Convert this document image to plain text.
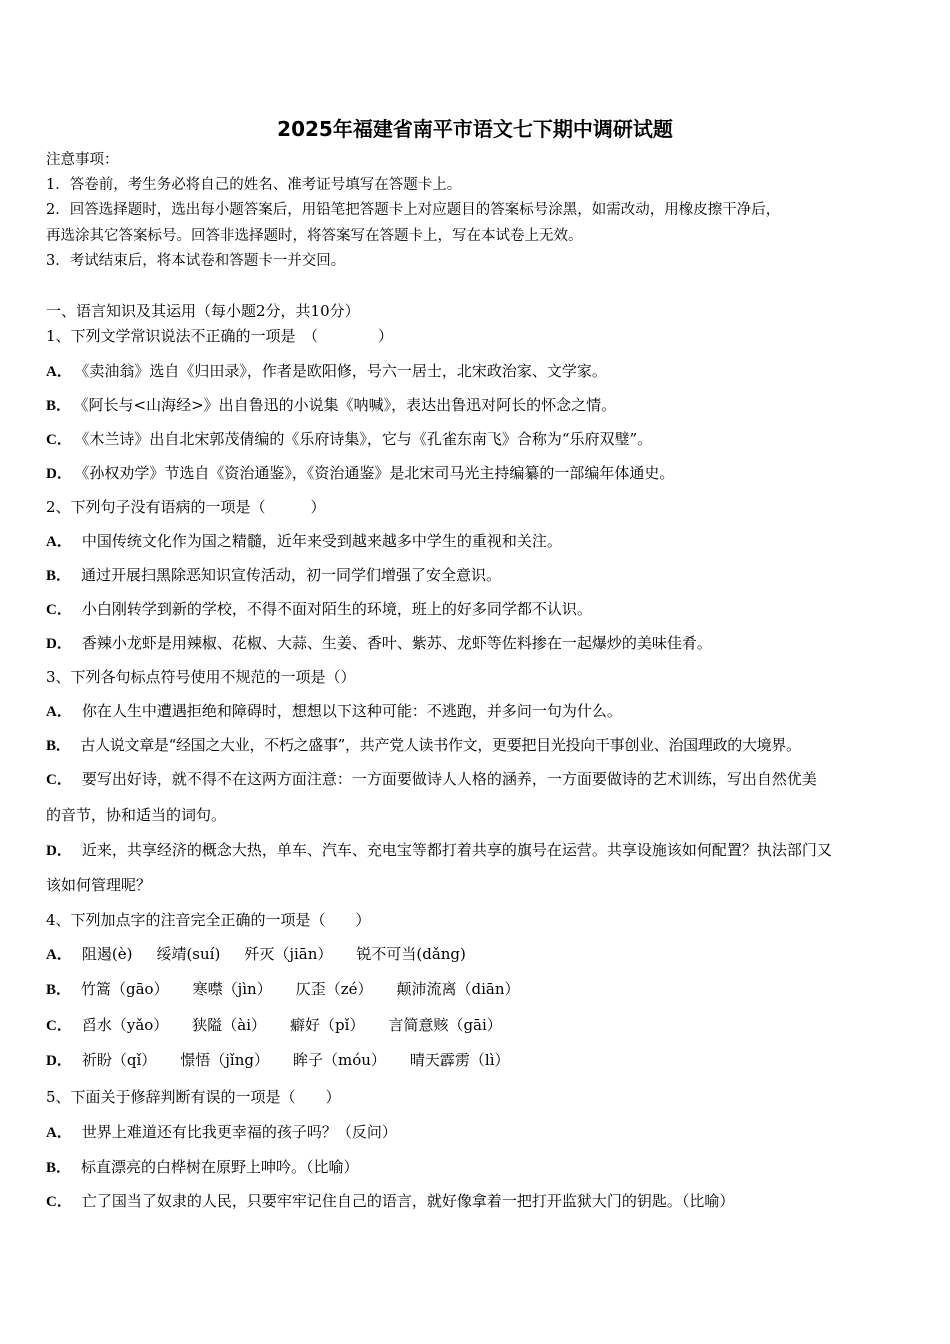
2025年福建省南平市语文七下期中调研试题
注意事项：
1．答卷前，考生务必将自己的姓名、准考证号填写在答题卡上。
2．回答选择题时，选出每小题答案后，用铅笔把答题卡上对应题目的答案标号涂黑，如需改动，用橡皮擦干净后，
再选涂其它答案标号。回答非选择题时，将答案写在答题卡上，写在本试卷上无效。
3．考试结束后，将本试卷和答题卡一并交回。
一、语言知识及其运用（每小题2分，共10分）
1、下列文学常识说法不正确的一项是　（　　　　）
A． 《卖油翁》选自《归田录》，作者是欧阳修，号六一居士，北宋政治家、文学家。
B． 《阿长与<山海经>》出自鲁迅的小说集《呐喊》，表达出鲁迅对阿长的怀念之情。
C． 《木兰诗》出自北宋郭茂倩编的《乐府诗集》，它与《孔雀东南飞》合称为“乐府双璧”。
D． 《孙权劝学》节选自《资治通鉴》，《资治通鉴》是北宋司马光主持编纂的一部编年体通史。
2、下列句子没有语病的一项是（　　　）
A． 中国传统文化作为国之精髓，近年来受到越来越多中学生的重视和关注。
B． 通过开展扫黑除恶知识宣传活动，初一同学们增强了安全意识。
C． 小白刚转学到新的学校，不得不面对陌生的环境，班上的好多同学都不认识。
D． 香辣小龙虾是用辣椒、花椒、大蒜、生姜、香叶、紫苏、龙虾等佐料掺在一起爆炒的美味佳肴。
3、下列各句标点符号使用不规范的一项是（）
A． 你在人生中遭遇拒绝和障碍时，想想以下这种可能：不逃跑，并多问一句为什么。
B． 古人说文章是“经国之大业，不朽之盛事”，共产党人读书作文，更要把目光投向干事创业、治国理政的大境界。
C． 要写出好诗，就不得不在这两方面注意：一方面要做诗人人格的涵养，一方面要做诗的艺术训练，写出自然优美
的音节，协和适当的词句。
D． 近来，共享经济的概念大热，单车、汽车、充电宝等都打着共享的旗号在运营。共享设施该如何配置？执法部门又
该如何管理呢？
4、下列加点字的注音完全正确的一项是（　　）
A． 阻遏(è) 绥靖(suí) 歼灭（jiān） 锐不可当(dǎng)
B． 竹篙（gāo） 寒噤（jìn） 仄歪（zé） 颠沛流离（diān）
C． 舀水（yǎo） 狭隘（ài） 癖好（pǐ） 言简意赅（gāi）
D． 祈盼（qǐ） 憬悟（jǐng） 眸子（móu） 晴天霹雳（lì）
5、下面关于修辞判断有误的一项是（　　）
A． 世界上难道还有比我更幸福的孩子吗？（反问）
B． 标直漂亮的白桦树在原野上呻吟。（比喻）
C． 亡了国当了奴隶的人民，只要牢牢记住自己的语言，就好像拿着一把打开监狱大门的钥匙。（比喻）
